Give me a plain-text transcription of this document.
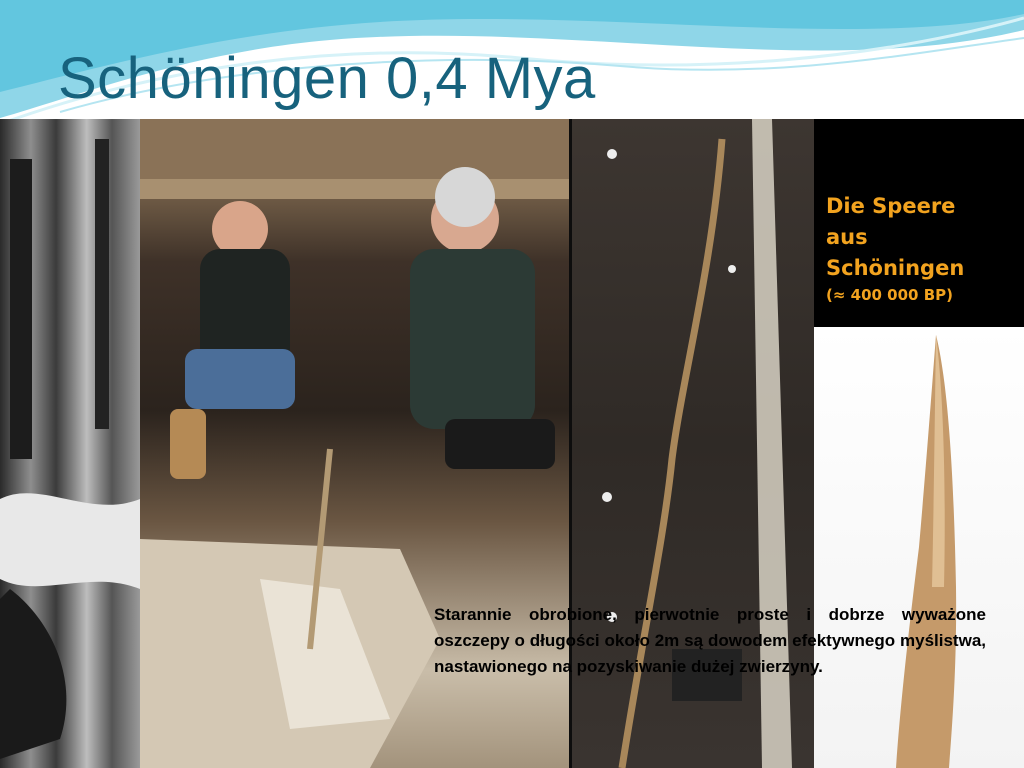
Schöningen 0,4 Mya
Die Speere
aus
Schöningen
(≈ 400 000 BP)

Starannie obrobione, pierwotnie proste i dobrze wyważone oszczepy o długości około 2m są dowodem efektywnego myślistwa, nastawionego na pozyskiwanie dużej zwierzyny.
